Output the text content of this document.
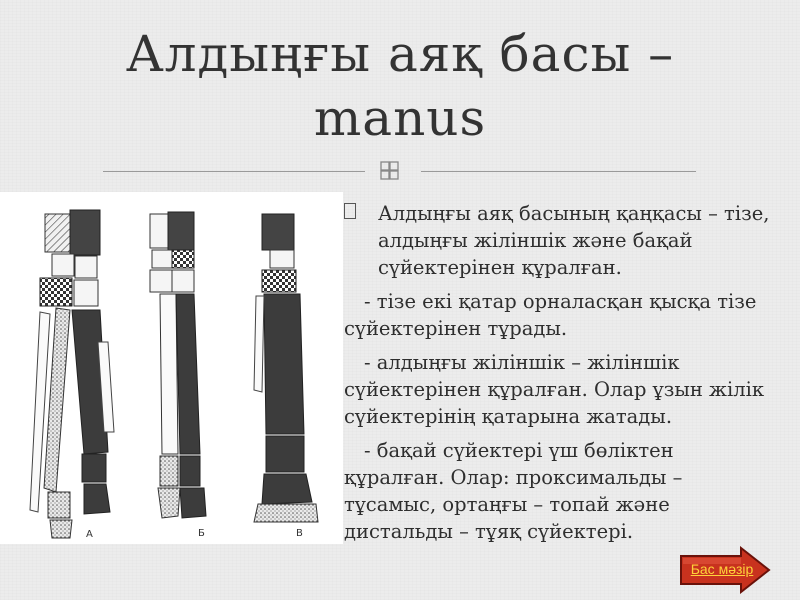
Алдыңғы аяқ басы –
manus
А	Б	В

Алдыңғы аяқ басының қаңқасы – тізе, алдыңғы жіліншік және бақай сүйектерінен құралған.

- тізе екі қатар орналасқан қысқа тізе сүйектерінен тұрады.

- алдыңғы жіліншік – жіліншік сүйектерінен құралған. Олар ұзын жілік сүйектерінің қатарына жатады.

- бақай сүйектері үш бөліктен құралған. Олар: проксимальды – тұсамыс, ортаңғы – топай және дистальды – тұяқ сүйектері.

Бас мәзір
